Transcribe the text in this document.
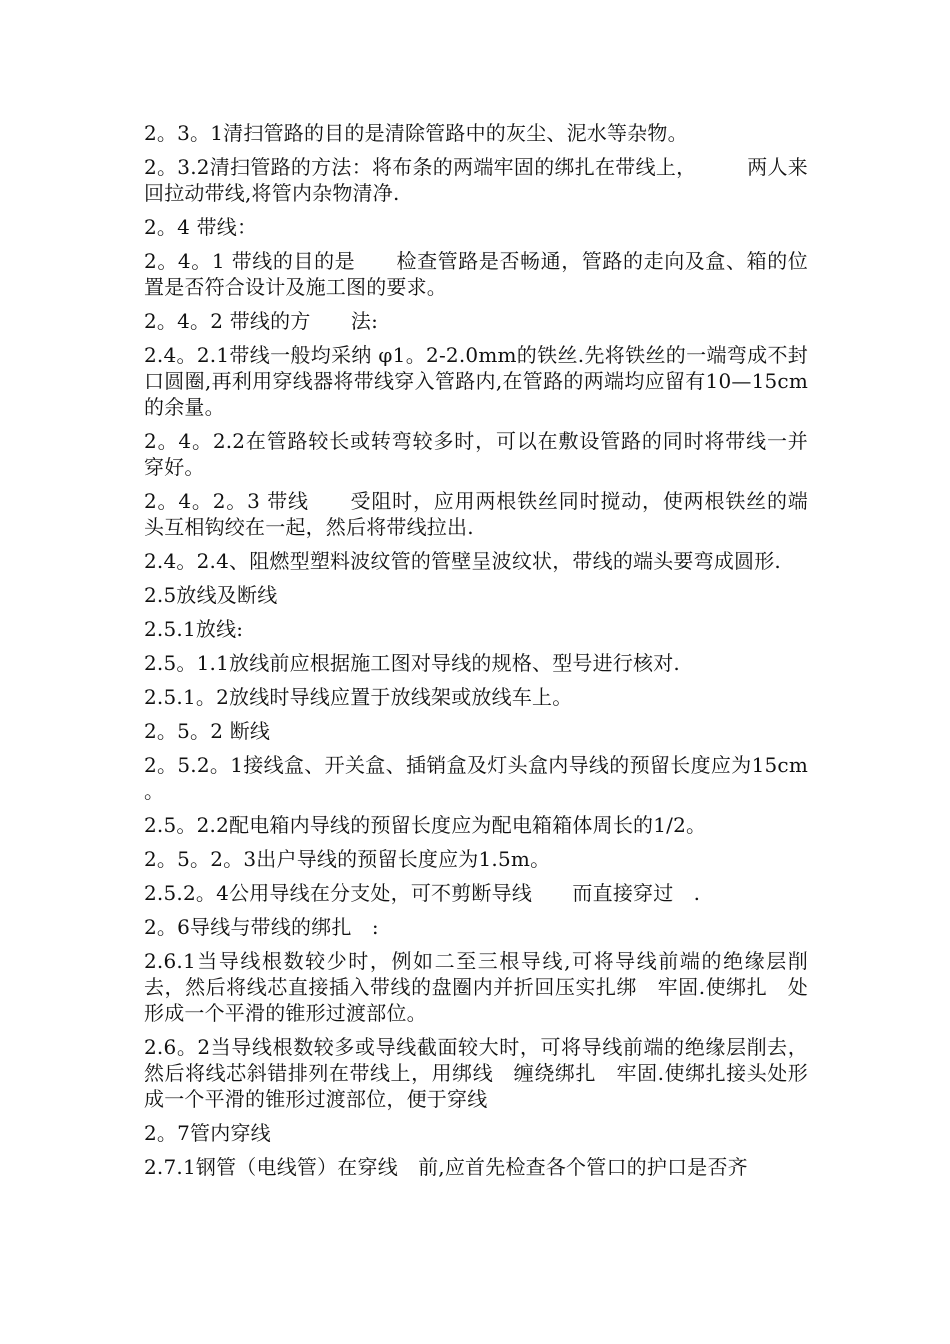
2。3。1清扫管路的目的是清除管路中的灰尘、泥水等杂物。

2。3.2清扫管路的方法：将布条的两端牢固的绑扎在带线上，　　　两人来回拉动带线,将管内杂物清净.

2。4 带线：

2。4。1 带线的目的是　　检查管路是否畅通，管路的走向及盒、箱的位置是否符合设计及施工图的要求。

2。4。2 带线的方　　法:

2.4。2.1带线一般均采纳 φ1。2-2.0mm的铁丝.先将铁丝的一端弯成不封口圆圈,再利用穿线器将带线穿入管路内,在管路的两端均应留有10—15cm 的余量。

2。4。2.2在管路较长或转弯较多时，可以在敷设管路的同时将带线一并穿好。

2。4。2。3 带线　　受阻时，应用两根铁丝同时搅动，使两根铁丝的端头互相钩绞在一起，然后将带线拉出.

2.4。2.4、阻燃型塑料波纹管的管壁呈波纹状，带线的端头要弯成圆形.

2.5放线及断线

2.5.1放线:

2.5。1.1放线前应根据施工图对导线的规格、型号进行核对.

2.5.1。2放线时导线应置于放线架或放线车上。

2。5。2 断线

2。5.2。1接线盒、开关盒、插销盒及灯头盒内导线的预留长度应为15cm　。

2.5。2.2配电箱内导线的预留长度应为配电箱箱体周长的1/2。

2。5。2。3出户导线的预留长度应为1.5m。

2.5.2。4公用导线在分支处，可不剪断导线　　而直接穿过　.

2。6导线与带线的绑扎　:

2.6.1当导线根数较少时，例如二至三根导线,可将导线前端的绝缘层削去，然后将线芯直接插入带线的盘圈内并折回压实扎绑　牢固.使绑扎　处形成一个平滑的锥形过渡部位。

2.6。2当导线根数较多或导线截面较大时，可将导线前端的绝缘层削去，然后将线芯斜错排列在带线上，用绑线　缠绕绑扎　牢固.使绑扎接头处形成一个平滑的锥形过渡部位，便于穿线

2。7管内穿线

2.7.1钢管（电线管）在穿线　前,应首先检查各个管口的护口是否齐
